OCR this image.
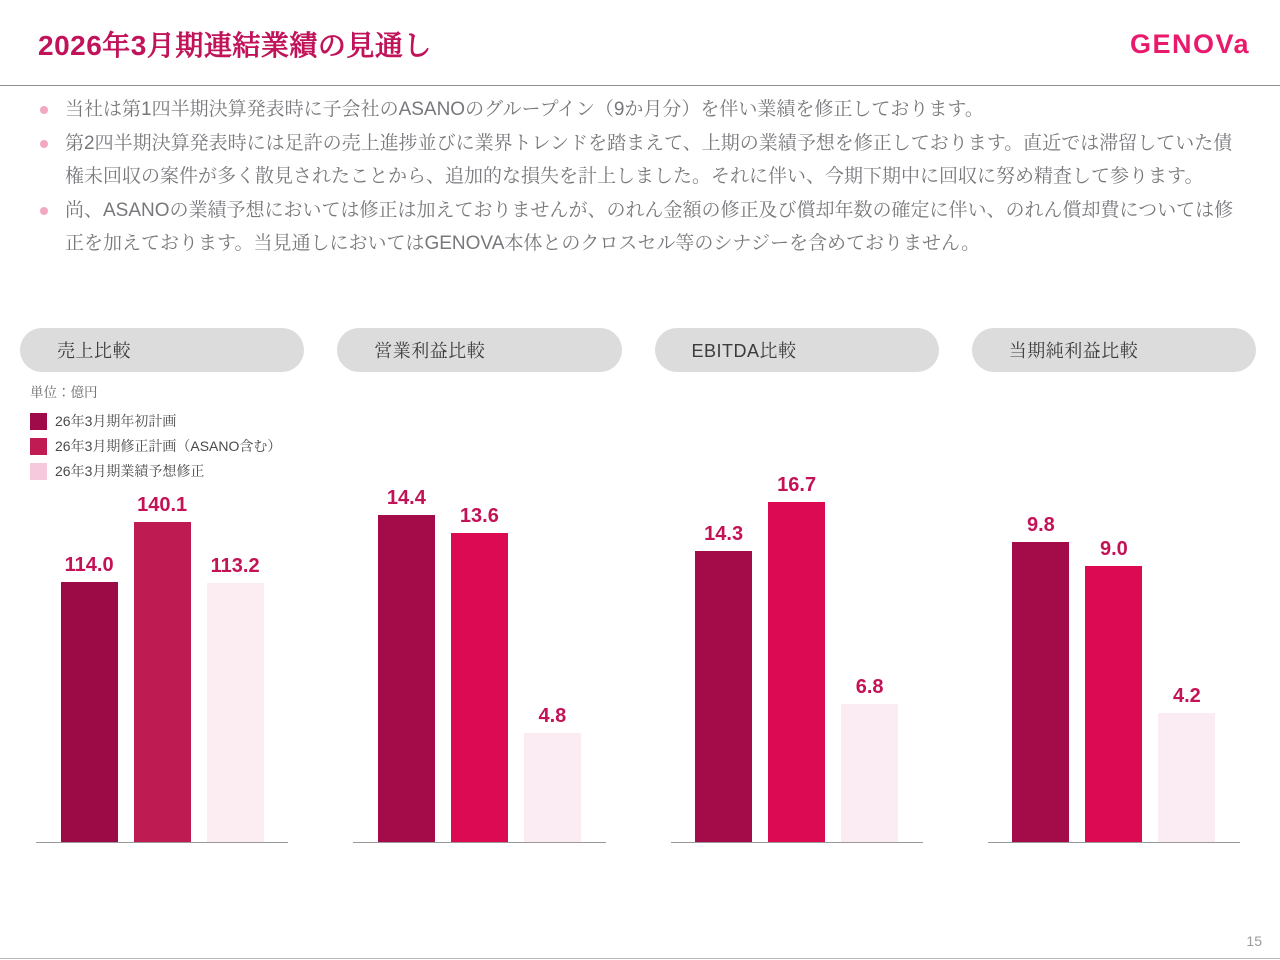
2026年3月期連結業績の見通し	GENOVa
当社は第1四半期決算発表時に子会社のASANOのグループイン（9か月分）を伴い業績を修正しております。
第2四半期決算発表時には足許の売上進捗並びに業界トレンドを踏まえて、上期の業績予想を修正しております。直近では滞留していた債権未回収の案件が多く散見されたことから、追加的な損失を計上しました。それに伴い、今期下期中に回収に努め精査して参ります。
尚、ASANOの業績予想においては修正は加えておりませんが、のれん金額の修正及び償却年数の確定に伴い、のれん償却費については修正を加えております。当見通しにおいてはGENOVA本体とのクロスセル等のシナジーを含めておりません。
売上比較
単位：億円
26年3月期年初計画
26年3月期修正計画（ASANO含む）
26年3月期業績予想修正
114.0
140.1
113.2
営業利益比較
14.4
13.6
4.8
EBITDA比較
14.3
16.7
6.8
当期純利益比較
9.8
9.0
4.2
15
